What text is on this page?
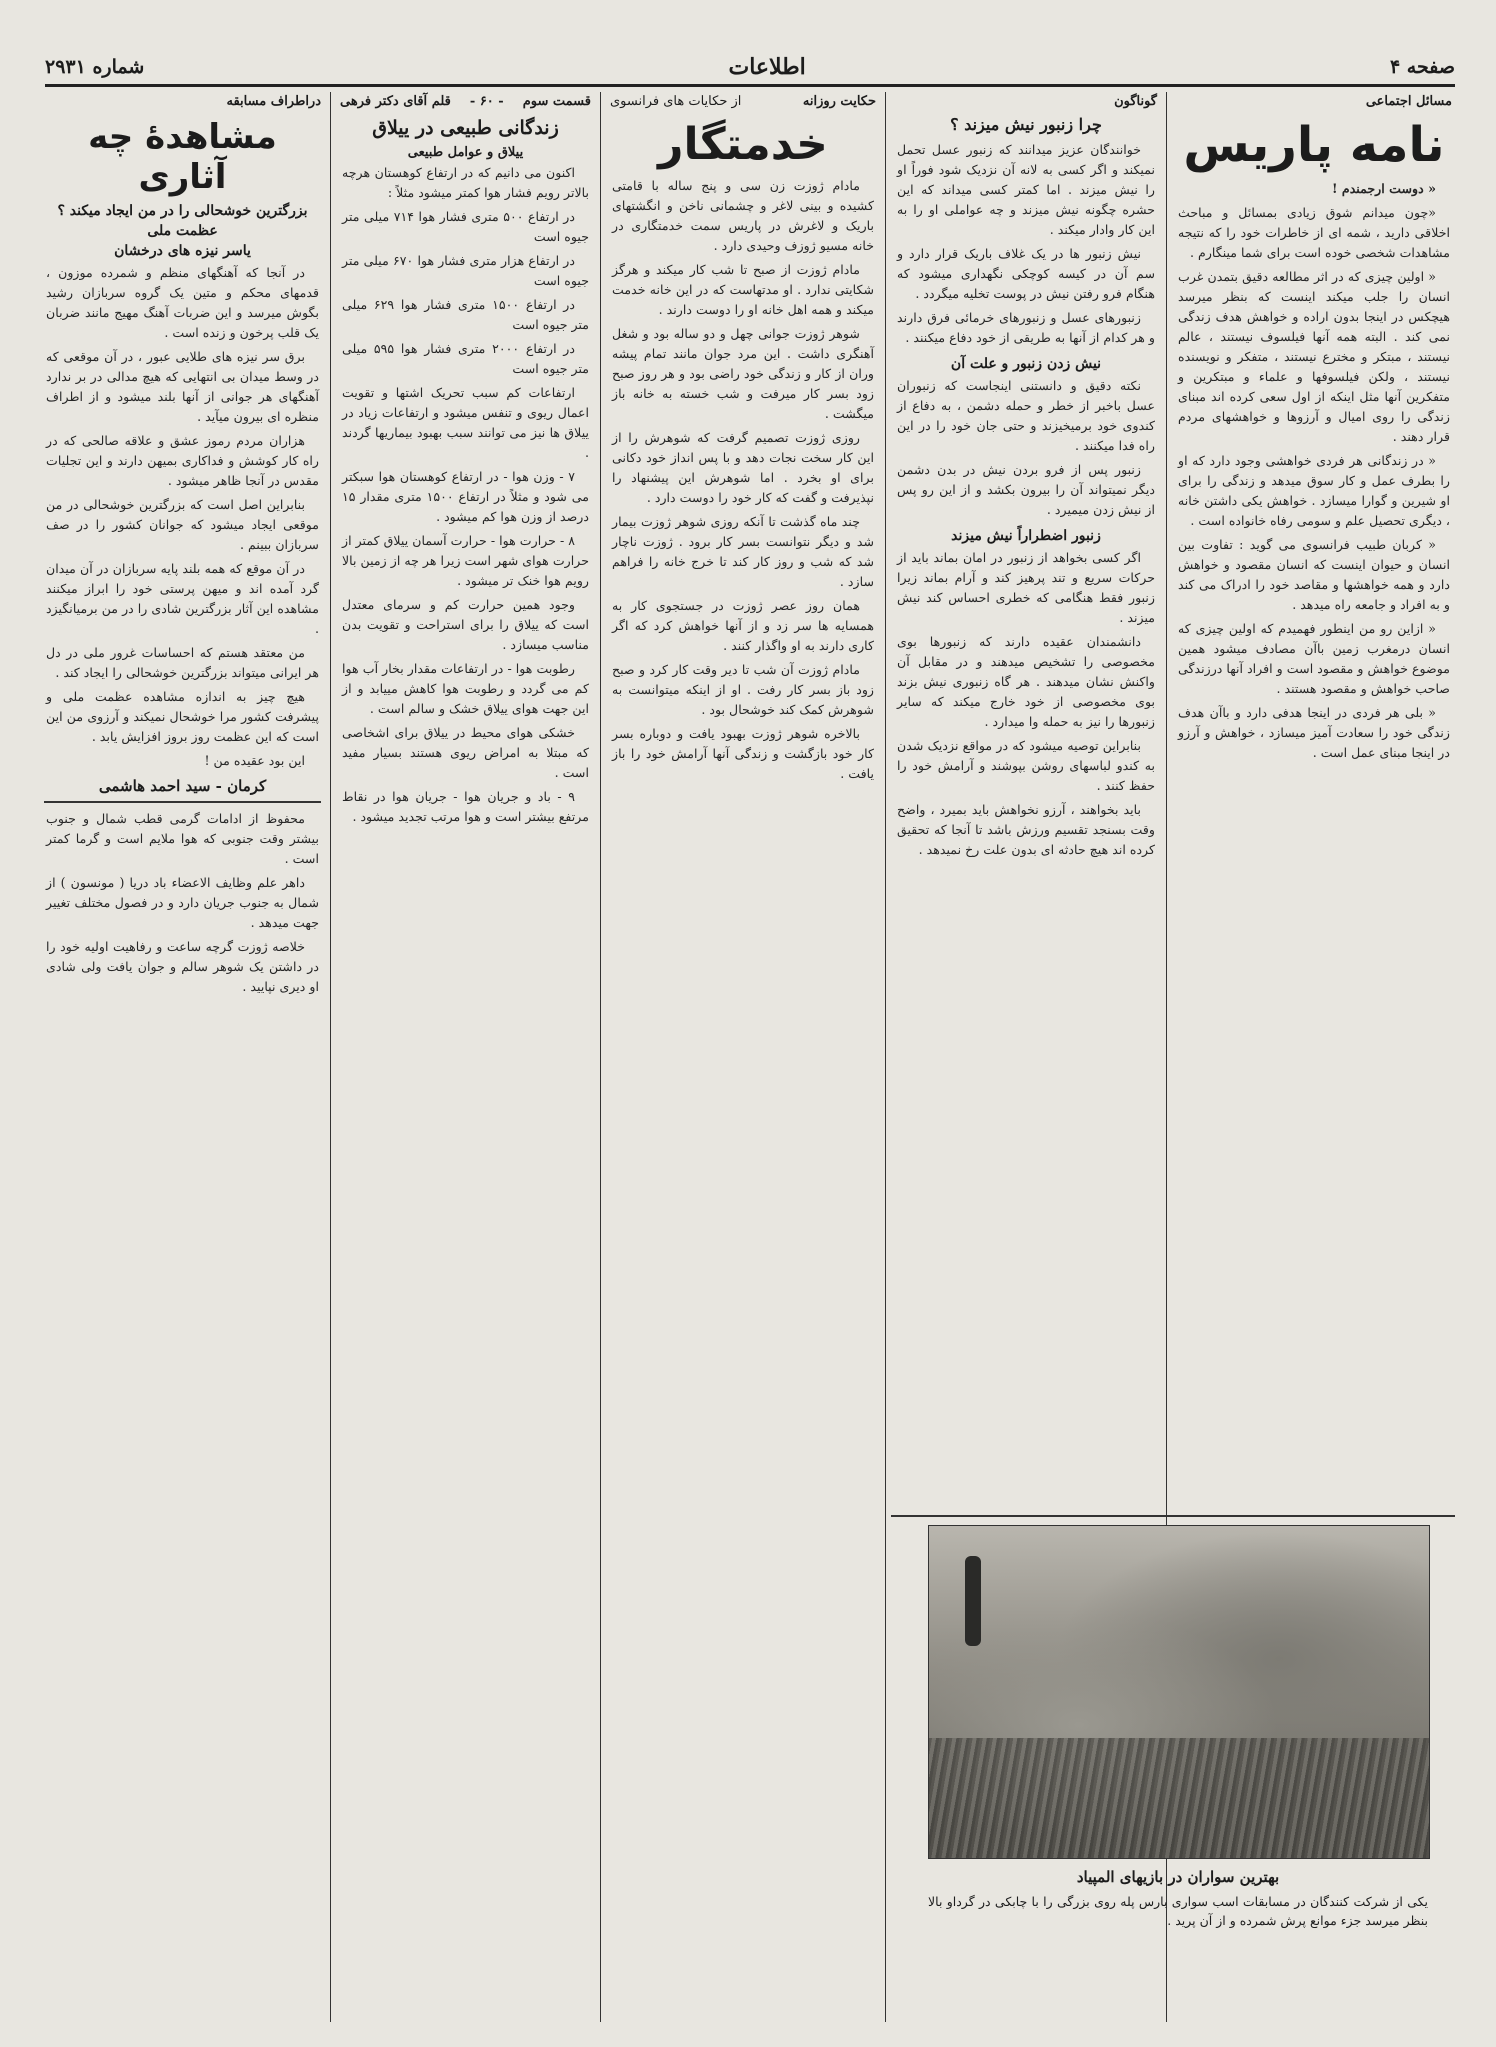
صفحه ۴
اطلاعات
شماره ۲۹۳۱
مسائل اجتماعی
نامه پاریس

« دوست ارجمندم !

«چون میدانم شوق زیادی بمسائل و مباحث اخلاقی دارید ، شمه ای از خاطرات خود را که نتیجه مشاهدات شخصی خوده است برای شما مینگارم .

« اولین چیزی که در اثر مطالعه دقیق بتمدن غرب انسان را جلب میکند اینست که بنظر میرسد هیچکس در اینجا بدون اراده و خواهش هدف زندگی نمی کند . البته همه آنها فیلسوف نیستند ، عالم نیستند ، مبتکر و مخترع نیستند ، متفکر و نویسنده نیستند ، ولکن فیلسوفها و علماء و مبتکرین و متفکرین آنها مثل اینکه از اول سعی کرده اند مبنای زندگی را روی امیال و آرزوها و خواهشهای مردم قرار دهند .

« در زندگانی هر فردی خواهشی وجود دارد که او را بطرف عمل و کار سوق میدهد و زندگی را برای او شیرین و گوارا میسازد . خواهش یکی داشتن خانه ، دیگری تحصیل علم و سومی رفاه خانواده است .

« کربان طبیب فرانسوی می گوید : تفاوت بین انسان و حیوان اینست که انسان مقصود و خواهش دارد و همه خواهشها و مقاصد خود را ادراک می کند و به افراد و جامعه راه میدهد .

« ازاین رو من اینطور فهمیدم که اولین چیزی که انسان درمغرب زمین باآن مصادف میشود همین موضوع خواهش و مقصود است و افراد آنها درزندگی صاحب خواهش و مقصود هستند .

« بلی هر فردی در اینجا هدفی دارد و باآن هدف زندگی خود را سعادت آمیز میسازد ، خواهش و آرزو در اینجا مبنای عمل است .

گوناگون
چرا زنبور نیش میزند ؟

خوانندگان عزیز میدانند که زنبور عسل تحمل نمیکند و اگر کسی به لانه آن نزدیک شود فوراً او را نیش میزند . اما کمتر کسی میداند که این حشره چگونه نیش میزند و چه عواملی او را به این کار وادار میکند .

نیش زنبور ها در یک غلاف باریک قرار دارد و سم آن در کیسه کوچکی نگهداری میشود که هنگام فرو رفتن نیش در پوست تخلیه میگردد .

زنبورهای عسل و زنبورهای خرمائی فرق دارند و هر کدام از آنها به طریقی از خود دفاع میکنند .

نیش زدن زنبور و علت آن

نکته دقیق و دانستنی اینجاست که زنبوران عسل باخبر از خطر و حمله دشمن ، به دفاع از کندوی خود برمیخیزند و حتی جان خود را در این راه فدا میکنند .

زنبور پس از فرو بردن نیش در بدن دشمن دیگر نمیتواند آن را بیرون بکشد و از این رو پس از نیش زدن میمیرد .

زنبور اضطراراً نیش میزند

اگر کسی بخواهد از زنبور در امان بماند باید از حرکات سریع و تند پرهیز کند و آرام بماند زیرا زنبور فقط هنگامی که خطری احساس کند نیش میزند .

دانشمندان عقیده دارند که زنبورها بوی مخصوصی را تشخیص میدهند و در مقابل آن واکنش نشان میدهند . هر گاه زنبوری نیش بزند بوی مخصوصی از خود خارج میکند که سایر زنبورها را نیز به حمله وا میدارد .

بنابراین توصیه میشود که در مواقع نزدیک شدن به کندو لباسهای روشن بپوشند و آرامش خود را حفظ کنند .

باید بخواهند ، آرزو نخواهش باید بمیرد ، واضح وقت بسنجد تقسیم ورزش باشد تا آنجا که تحقیق کرده اند هیچ حادثه ای بدون علت رخ نمیدهد .

بهترین سواران در بازیهای المپیاد
یکی از شرکت کنندگان در مسابقات اسب سواری بارس پله روی بزرگی را با چابکی در گرداو بالا بنظر میرسد جزء موانع پرش شمرده و از آن پرید .
حکایت روزانه
از حکایات های فرانسوی
خدمتگار

مادام ژوزت زن سی و پنج ساله با قامتی کشیده و بینی لاغر و چشمانی ناخن و انگشتهای باریک و لاغرش در پاریس سمت خدمتگاری در خانه مسیو ژوزف وحیدی دارد .

مادام ژوزت از صبح تا شب کار میکند و هرگز شکایتی ندارد . او مدتهاست که در این خانه خدمت میکند و همه اهل خانه او را دوست دارند .

شوهر ژوزت جوانی چهل و دو ساله بود و شغل آهنگری داشت . این مرد جوان مانند تمام پیشه وران از کار و زندگی خود راضی بود و هر روز صبح زود بسر کار میرفت و شب خسته به خانه باز میگشت .

روزی ژوزت تصمیم گرفت که شوهرش را از این کار سخت نجات دهد و با پس انداز خود دکانی برای او بخرد . اما شوهرش این پیشنهاد را نپذیرفت و گفت که کار خود را دوست دارد .

چند ماه گذشت تا آنکه روزی شوهر ژوزت بیمار شد و دیگر نتوانست بسر کار برود . ژوزت ناچار شد که شب و روز کار کند تا خرج خانه را فراهم سازد .

همان روز عصر ژوزت در جستجوی کار به همسایه ها سر زد و از آنها خواهش کرد که اگر کاری دارند به او واگذار کنند .

مادام ژوزت آن شب تا دیر وقت کار کرد و صبح زود باز بسر کار رفت . او از اینکه میتوانست به شوهرش کمک کند خوشحال بود .

بالاخره شوهر ژوزت بهبود یافت و دوباره بسر کار خود بازگشت و زندگی آنها آرامش خود را باز یافت .

قسمت سوم
- ۶۰ -
قلم آقای دکتر فرهی
زندگانی طبیعی در ییلاق
ییلاق و عوامل طبیعی

اکنون می دانیم که در ارتفاع کوهستان هرچه بالاتر رویم فشار هوا کمتر میشود مثلاً :

در ارتفاع ۵۰۰ متری فشار هوا ۷۱۴ میلی متر جیوه است

در ارتفاع هزار متری فشار هوا ۶۷۰ میلی متر جیوه است

در ارتفاع ۱۵۰۰ متری فشار هوا ۶۲۹ میلی متر جیوه است

در ارتفاع ۲۰۰۰ متری فشار هوا ۵۹۵ میلی متر جیوه است

ارتفاعات کم سبب تحریک اشتها و تقویت اعمال ریوی و تنفس میشود و ارتفاعات زیاد در ییلاق ها نیز می توانند سبب بهبود بیماریها گردند .

۷ - وزن هوا - در ارتفاع کوهستان هوا سبکتر می شود و مثلاً در ارتفاع ۱۵۰۰ متری مقدار ۱۵ درصد از وزن هوا کم میشود .

۸ - حرارت هوا - حرارت آسمان ییلاق کمتر از حرارت هوای شهر است زیرا هر چه از زمین بالا رویم هوا خنک تر میشود .

وجود همین حرارت کم و سرمای معتدل است که ییلاق را برای استراحت و تقویت بدن مناسب میسازد .

رطوبت هوا - در ارتفاعات مقدار بخار آب هوا کم می گردد و رطوبت هوا کاهش مییابد و از این جهت هوای ییلاق خشک و سالم است .

خشکی هوای محیط در ییلاق برای اشخاصی که مبتلا به امراض ریوی هستند بسیار مفید است .

۹ - باد و جریان هوا - جریان هوا در نقاط مرتفع بیشتر است و هوا مرتب تجدید میشود .

دراطراف مسابقه
مشاهدهٔ چه آثاری
بزرگترین خوشحالی را در من ایجاد میکند ؟
عظمت ملی
یاسر نیزه های درخشان

در آنجا که آهنگهای منظم و شمرده موزون ، قدمهای محکم و متین یک گروه سربازان رشید بگوش میرسد و این ضربات آهنگ مهیج مانند ضربان یک قلب پرخون و زنده است .

برق سر نیزه های طلایی عبور ، در آن موقعی که در وسط میدان بی انتهایی که هیچ مدالی در بر ندارد آهنگهای هر جوانی از آنها بلند میشود و از اطراف منظره ای بیرون میآید .

هزاران مردم رموز عشق و علاقه صالحی که در راه کار کوشش و فداکاری بمیهن دارند و این تجلیات مقدس در آنجا ظاهر میشود .

بنابراین اصل است که بزرگترین خوشحالی در من موقعی ایجاد میشود که جوانان کشور را در صف سربازان ببینم .

در آن موقع که همه بلند پایه سربازان در آن میدان گرد آمده اند و میهن پرستی خود را ابراز میکنند مشاهده این آثار بزرگترین شادی را در من برمیانگیزد .

من معتقد هستم که احساسات غرور ملی در دل هر ایرانی میتواند بزرگترین خوشحالی را ایجاد کند .

هیچ چیز به اندازه مشاهده عظمت ملی و پیشرفت کشور مرا خوشحال نمیکند و آرزوی من این است که این عظمت روز بروز افزایش یابد .

این بود عقیده من !

کرمان - سید احمد هاشمی

محفوظ از ادامات گرمی قطب شمال و جنوب بیشتر وقت جنوبی که هوا ملایم است و گرما کمتر است .

داهر علم وظایف الاعضاء باد دریا ( مونسون ) از شمال به جنوب جریان دارد و در فصول مختلف تغییر جهت میدهد .

خلاصه ژوزت گرچه ساعت و رفاهیت اولیه خود را در داشتن یک شوهر سالم و جوان یافت ولی شادی او دیری نپایید .
